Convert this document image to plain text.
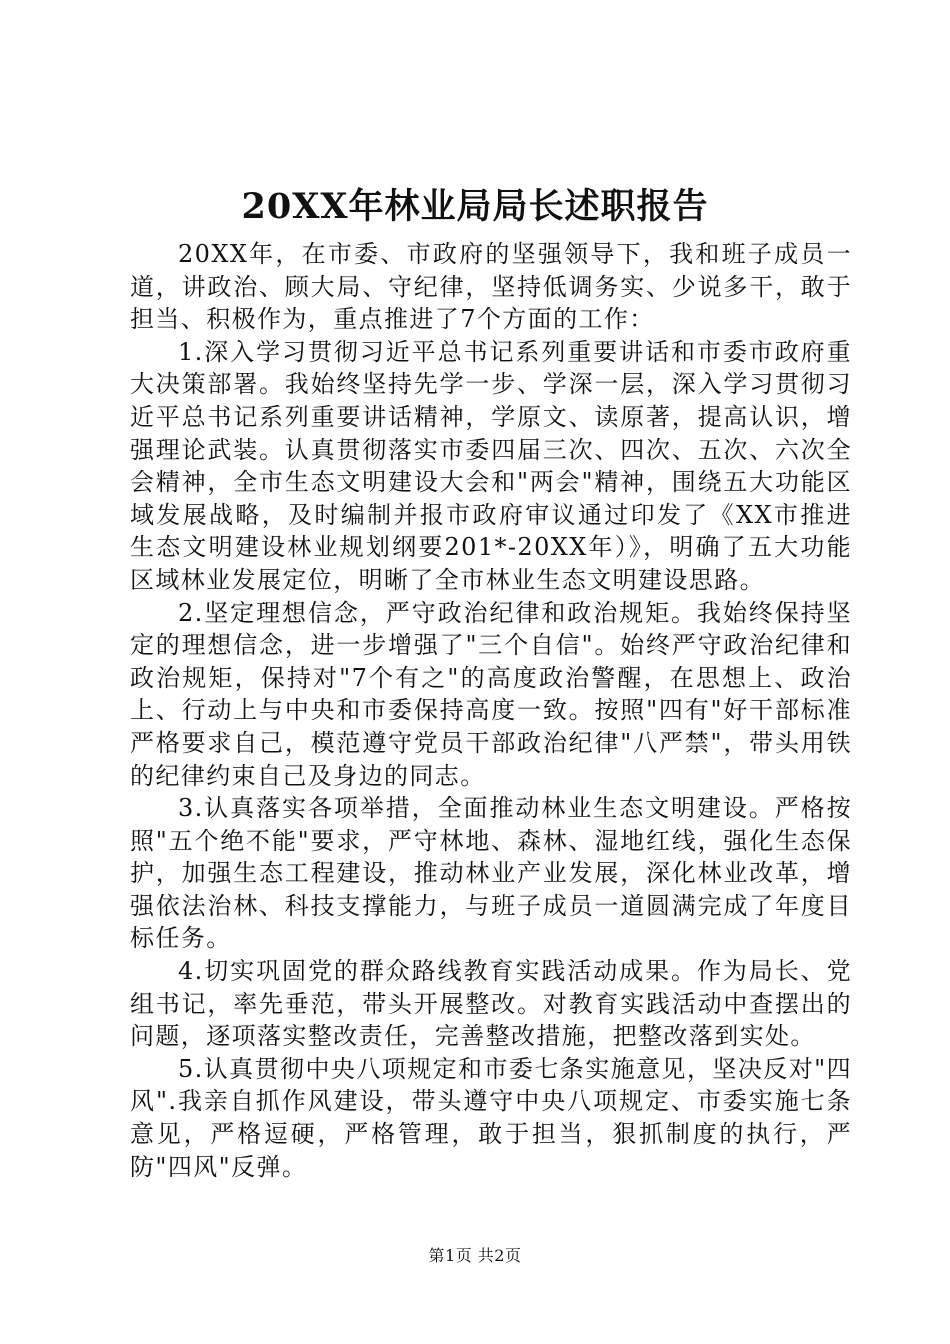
20XX年林业局局长述职报告

20XX年，在市委、市政府的坚强领导下，我和班子成员一道，讲政治、顾大局、守纪律，坚持低调务实、少说多干，敢于担当、积极作为，重点推进了7个方面的工作：

1.深入学习贯彻习近平总书记系列重要讲话和市委市政府重大决策部署。我始终坚持先学一步、学深一层，深入学习贯彻习近平总书记系列重要讲话精神，学原文、读原著，提高认识，增强理论武装。认真贯彻落实市委四届三次、四次、五次、六次全会精神，全市生态文明建设大会和"两会"精神，围绕五大功能区域发展战略，及时编制并报市政府审议通过印发了《XX市推进生态文明建设林业规划纲要201*-20XX年）》，明确了五大功能区域林业发展定位，明晰了全市林业生态文明建设思路。

2.坚定理想信念，严守政治纪律和政治规矩。我始终保持坚定的理想信念，进一步增强了"三个自信"。始终严守政治纪律和政治规矩，保持对"7个有之"的高度政治警醒，在思想上、政治上、行动上与中央和市委保持高度一致。按照"四有"好干部标准严格要求自己，模范遵守党员干部政治纪律"八严禁"，带头用铁的纪律约束自己及身边的同志。

3.认真落实各项举措，全面推动林业生态文明建设。严格按照"五个绝不能"要求，严守林地、森林、湿地红线，强化生态保护，加强生态工程建设，推动林业产业发展，深化林业改革，增强依法治林、科技支撑能力，与班子成员一道圆满完成了年度目标任务。

4.切实巩固党的群众路线教育实践活动成果。作为局长、党组书记，率先垂范，带头开展整改。对教育实践活动中查摆出的问题，逐项落实整改责任，完善整改措施，把整改落到实处。

5.认真贯彻中央八项规定和市委七条实施意见，坚决反对"四风".我亲自抓作风建设，带头遵守中央八项规定、市委实施七条意见，严格逗硬，严格管理，敢于担当，狠抓制度的执行，严防"四风"反弹。

第1页 共2页
